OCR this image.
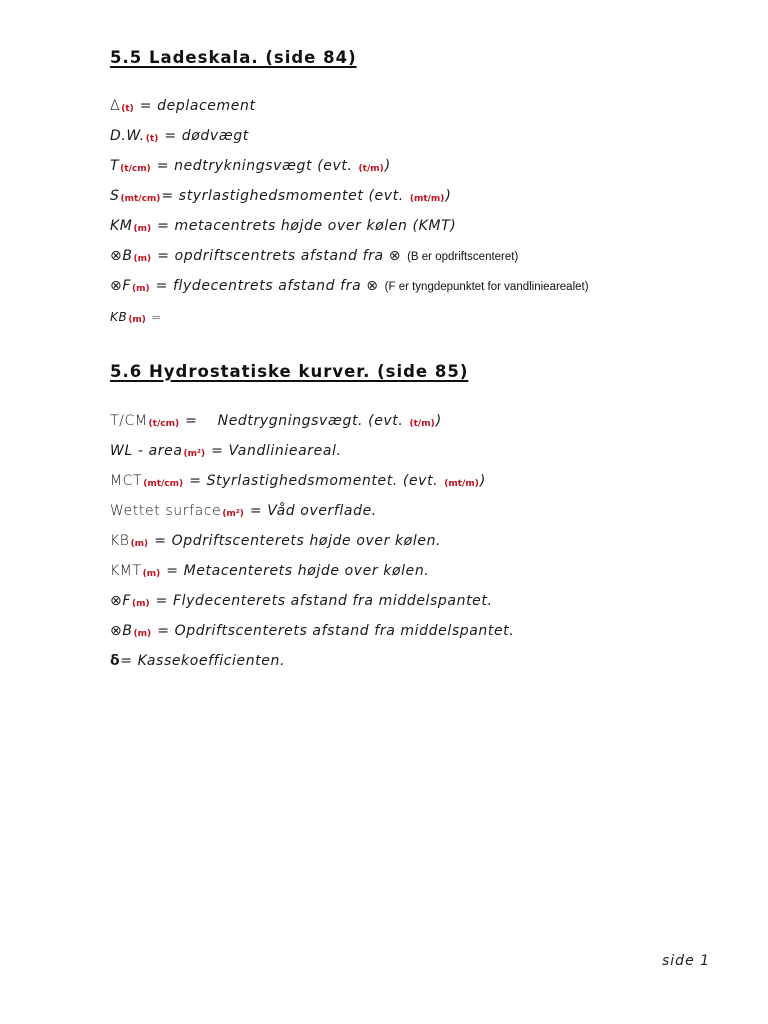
5.5 Ladeskala. (side 84)
Δ(t) = deplacement
D.W.(t) = dødvægt
T(t/cm) = nedtrykningsvægt (evt. (t/m))
S(mt/cm)= styrlastighedsmomentet (evt. (mt/m))
KM(m) = metacentrets højde over kølen (KMT)
⊗B(m) = opdriftscentrets afstand fra ⊗ (B er opdriftscenteret)
⊗F(m) = flydecentrets afstand fra ⊗ (F er tyngdepunktet for vandliniearealet)
KB(m) =
5.6 Hydrostatiske kurver. (side 85)
T/CM(t/cm) =    Nedtrygningsvægt. (evt. (t/m))
WL - area(m²) = Vandlinieareal.
MCT(mt/cm) = Styrlastighedsmomentet. (evt. (mt/m))
Wettet surface(m²) = Våd overflade.
KB(m) = Opdriftscenterets højde over kølen.
KMT(m) = Metacenterets højde over kølen.
⊗F(m) = Flydecenterets afstand fra middelspantet.
⊗B(m) = Opdriftscenterets afstand fra middelspantet.
δ= Kassekoefficienten.
side 1
